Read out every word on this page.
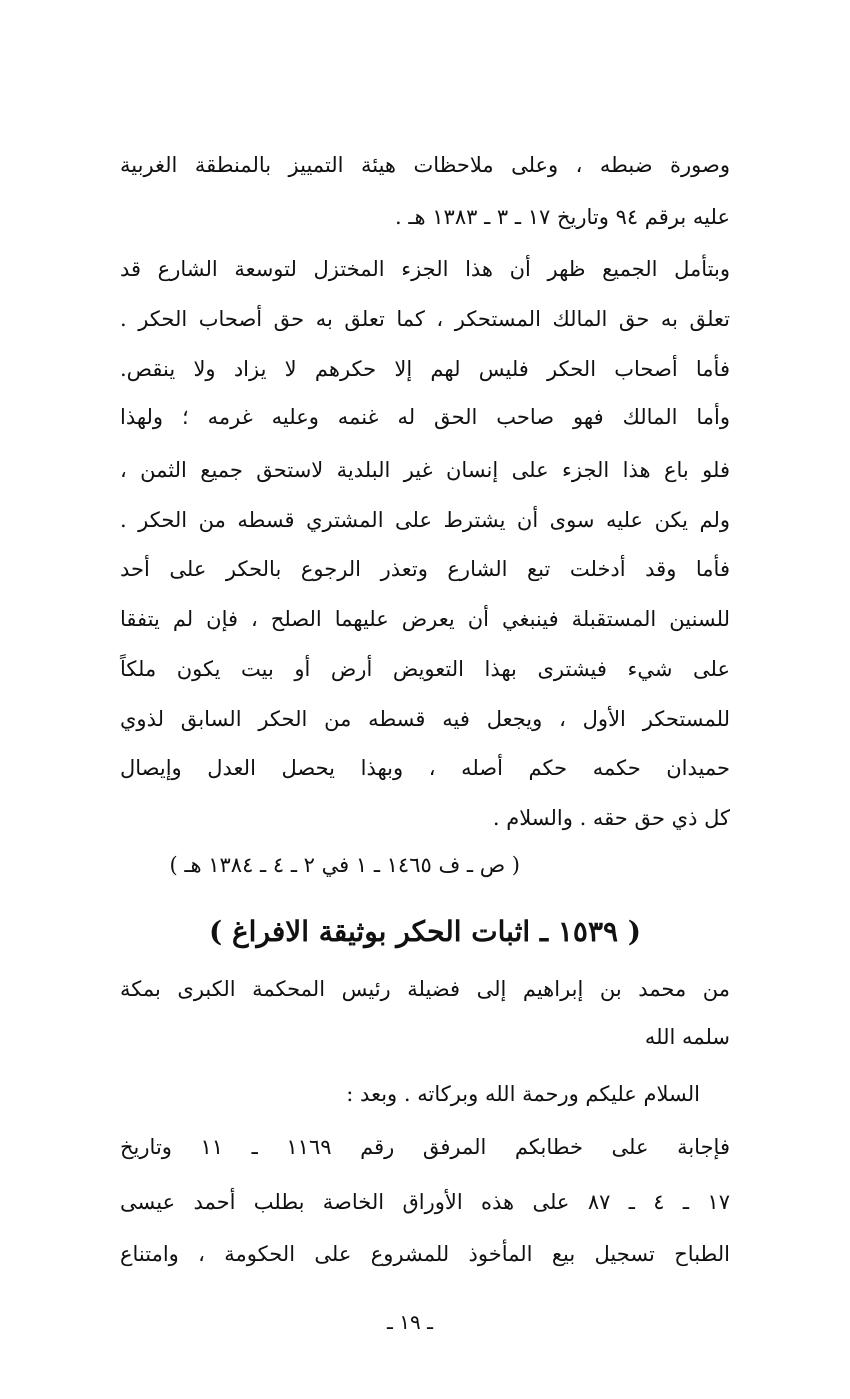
وصورة ضبطه ، وعلى ملاحظات هيئة التمييز بالمنطقة الغربية
عليه برقم ٩٤ وتاريخ ١٧ ـ ٣ ـ ١٣٨٣ هـ .
وبتأمل الجميع ظهر أن هذا الجزء المختزل لتوسعة الشارع قد
تعلق به حق المالك المستحكر ، كما تعلق به حق أصحاب الحكر .
فأما أصحاب الحكر فليس لهم إلا حكرهم لا يزاد ولا ينقص.
وأما المالك فهو صاحب الحق له غنمه وعليه غرمه ؛ ولهذا
فلو باع هذا الجزء على إنسان غير البلدية لاستحق جميع الثمن ،
ولم يكن عليه سوى أن يشترط على المشتري قسطه من الحكر .
فأما وقد أدخلت تبع الشارع وتعذر الرجوع بالحكر على أحد
للسنين المستقبلة فينبغي أن يعرض عليهما الصلح ، فإن لم يتفقا
على شيء فيشترى بهذا التعويض أرض أو بيت يكون ملكاً
للمستحكر الأول ، ويجعل فيه قسطه من الحكر السابق لذوي
حميدان حكمه حكم أصله ، وبهذا يحصل العدل وإيصال
كل ذي حق حقه . والسلام .
( ص ـ ف ١٤٦٥ ـ ١ في ٢ ـ ٤ ـ ١٣٨٤ هـ )
( ١٥٣٩ ـ اثبات الحكر بوثيقة الافراغ )
من محمد بن إبراهيم إلى فضيلة رئيس المحكمة الكبرى بمكة
سلمه الله
السلام عليكم ورحمة الله وبركاته . وبعد :
فإجابة على خطابكم المرفق رقم ١١٦٩ ـ ١١ وتاريخ
١٧ ـ ٤ ـ ٨٧ على هذه الأوراق الخاصة بطلب أحمد عيسى
الطباح تسجيل بيع المأخوذ للمشروع على الحكومة ، وامتناع
ـ ١٩ ـ
